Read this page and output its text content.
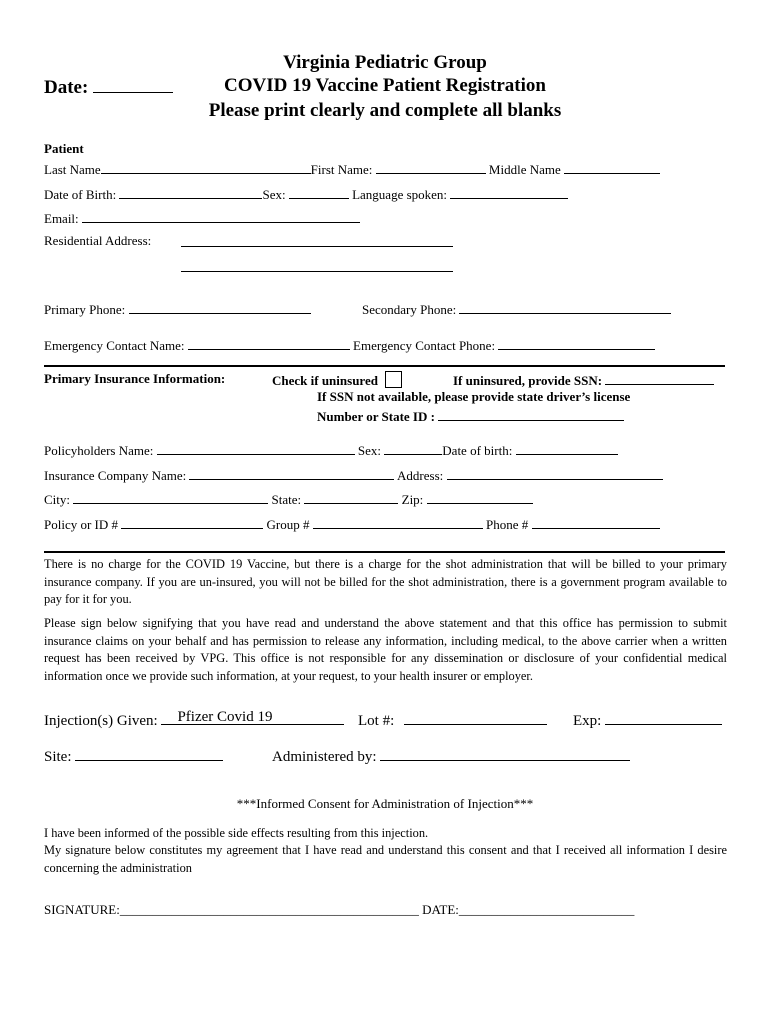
Virginia Pediatric Group
COVID 19 Vaccine Patient Registration
Please print clearly and complete all blanks
Date:
Patient
Last Name	First Name:	Middle Name
Date of Birth:	Sex:	Language spoken:
Email:
Residential Address:
Primary Phone:	Secondary Phone:
Emergency Contact Name:	Emergency Contact Phone:
Primary Insurance Information:	Check if uninsured	If uninsured, provide SSN:
If SSN not available, please provide state driver’s license
Number or State ID :
Policyholders Name:	Sex:	Date of birth:
Insurance Company Name:	Address:
City:	State:	Zip:
Policy or ID #	Group #	Phone #
There is no charge for the COVID 19 Vaccine, but there is a charge for the shot administration that will be billed to your primary insurance company. If you are un-insured, you will not be billed for the shot administration, there is a government program available to pay for it for you.
Please sign below signifying that you have read and understand the above statement and that this office has permission to submit insurance claims on your behalf and has permission to release any information, including medical, to the above carrier when a written request has been received by VPG. This office is not responsible for any dissemination or disclosure of your confidential medical information once we provide such information, at your request, to your health insurer or employer.
Injection(s) Given: Pfizer Covid 19	Lot #:	Exp:
Site:	Administered by:
***Informed Consent for Administration of Injection***
I have been informed of the possible side effects resulting from this injection.
My signature below constitutes my agreement that I have read and understand this consent and that I received all information I desire concerning the administration
SIGNATURE:______________________________________________ DATE:___________________________
